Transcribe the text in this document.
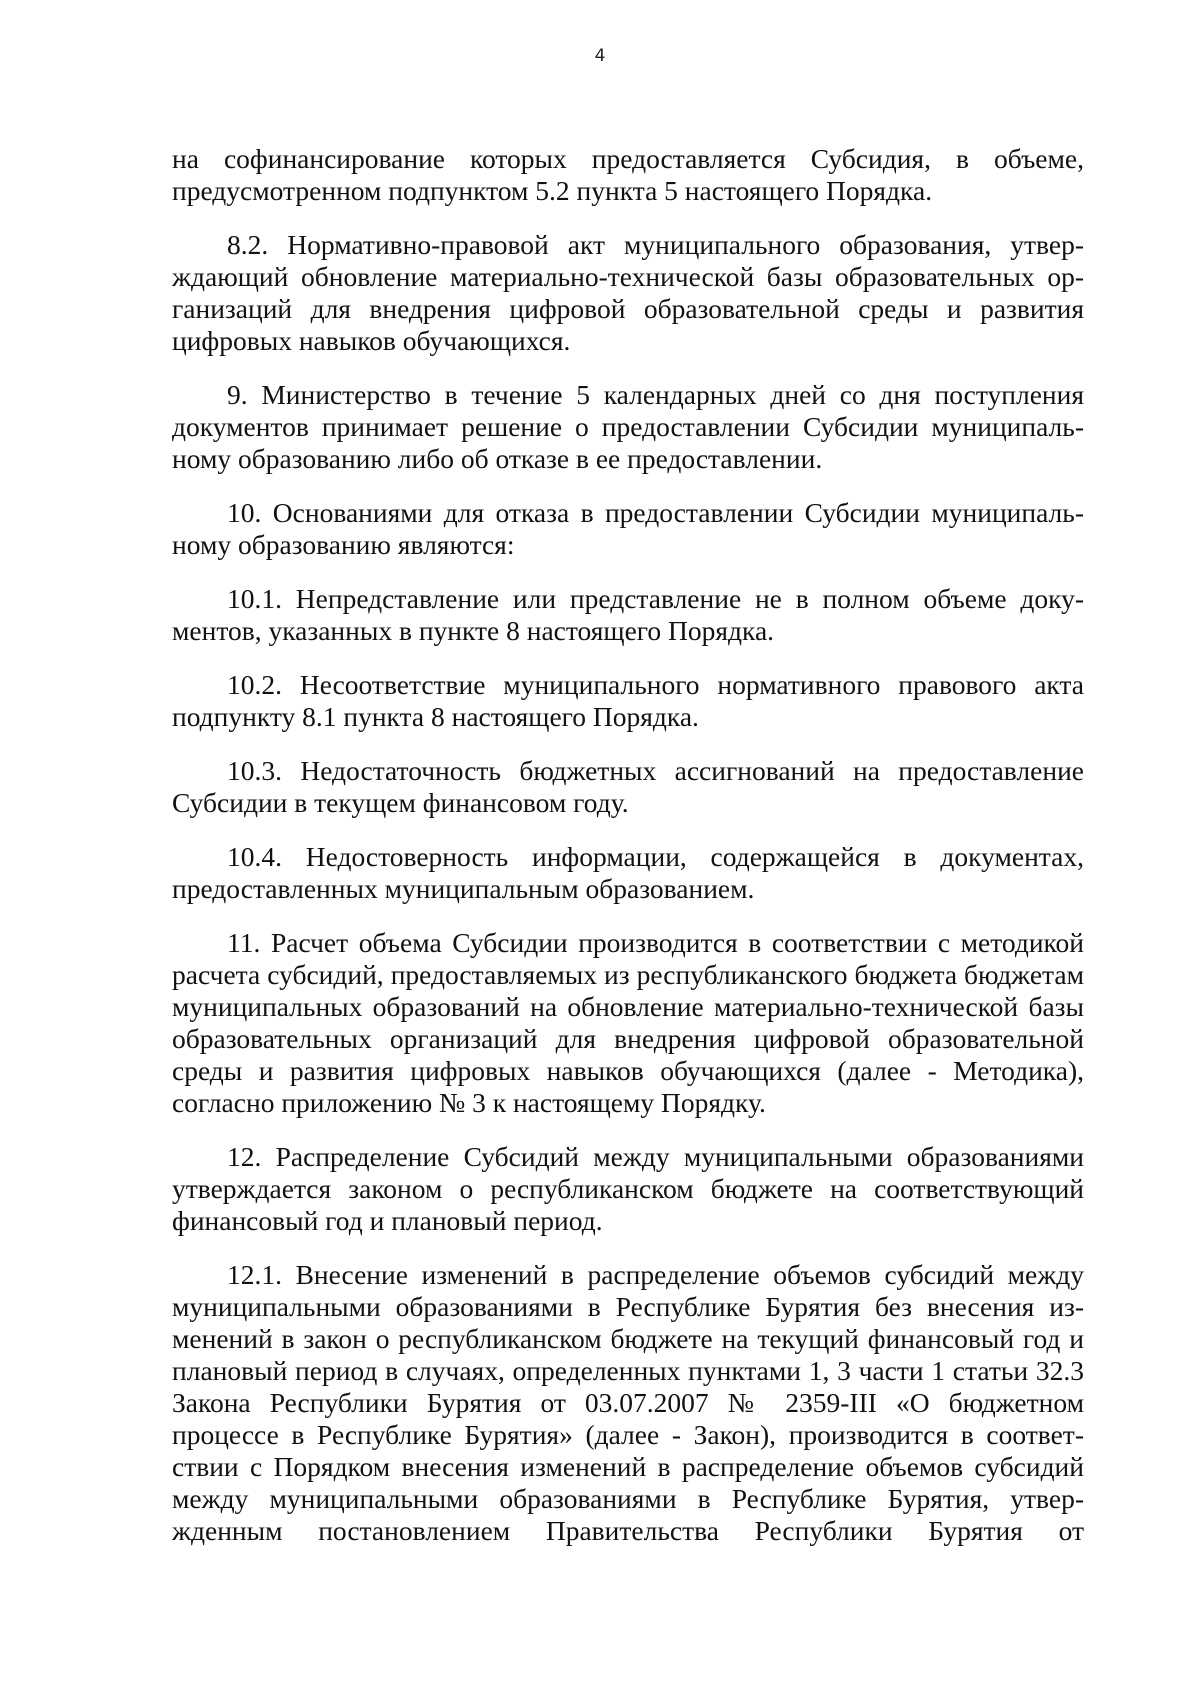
4

на софинансирование которых предоставляется Субсидия, в объеме, предусмотренном подпунктом 5.2 пункта 5 настоящего Порядка.

8.2. Нормативно-правовой акт муниципального образования, утверждающий обновление материально-технической базы образовательных организаций для внедрения цифровой образовательной среды и развития цифровых навыков обучающихся.

9. Министерство в течение 5 календарных дней со дня поступления документов принимает решение о предоставлении Субсидии муниципальному образованию либо об отказе в ее предоставлении.

10. Основаниями для отказа в предоставлении Субсидии муниципальному образованию являются:

10.1. Непредставление или представление не в полном объеме документов, указанных в пункте 8 настоящего Порядка.

10.2. Несоответствие муниципального нормативного правового акта подпункту 8.1 пункта 8 настоящего Порядка.

10.3. Недостаточность бюджетных ассигнований на предоставление Субсидии в текущем финансовом году.

10.4. Недостоверность информации, содержащейся в документах, предоставленных муниципальным образованием.

11. Расчет объема Субсидии производится в соответствии с методикой расчета субсидий, предоставляемых из республиканского бюджета бюджетам муниципальных образований на обновление материально-технической базы образовательных организаций для внедрения цифровой образовательной среды и развития цифровых навыков обучающихся (далее - Методика), согласно приложению № 3 к настоящему Порядку.

12. Распределение Субсидий между муниципальными образованиями утверждается законом о республиканском бюджете на соответствующий финансовый год и плановый период.

12.1. Внесение изменений в распределение объемов субсидий между муниципальными образованиями в Республике Бурятия без внесения изменений в закон о республиканском бюджете на текущий финансовый год и плановый период в случаях, определенных пунктами 1, 3 части 1 статьи 32.3 Закона Республики Бурятия от 03.07.2007 № 2359-III «О бюджетном процессе в Республике Бурятия» (далее - Закон), производится в соответствии с Порядком внесения изменений в распределение объемов субсидий между муниципальными образованиями в Республике Бурятия, утвержденным постановлением Правительства Республики Бурятия от
